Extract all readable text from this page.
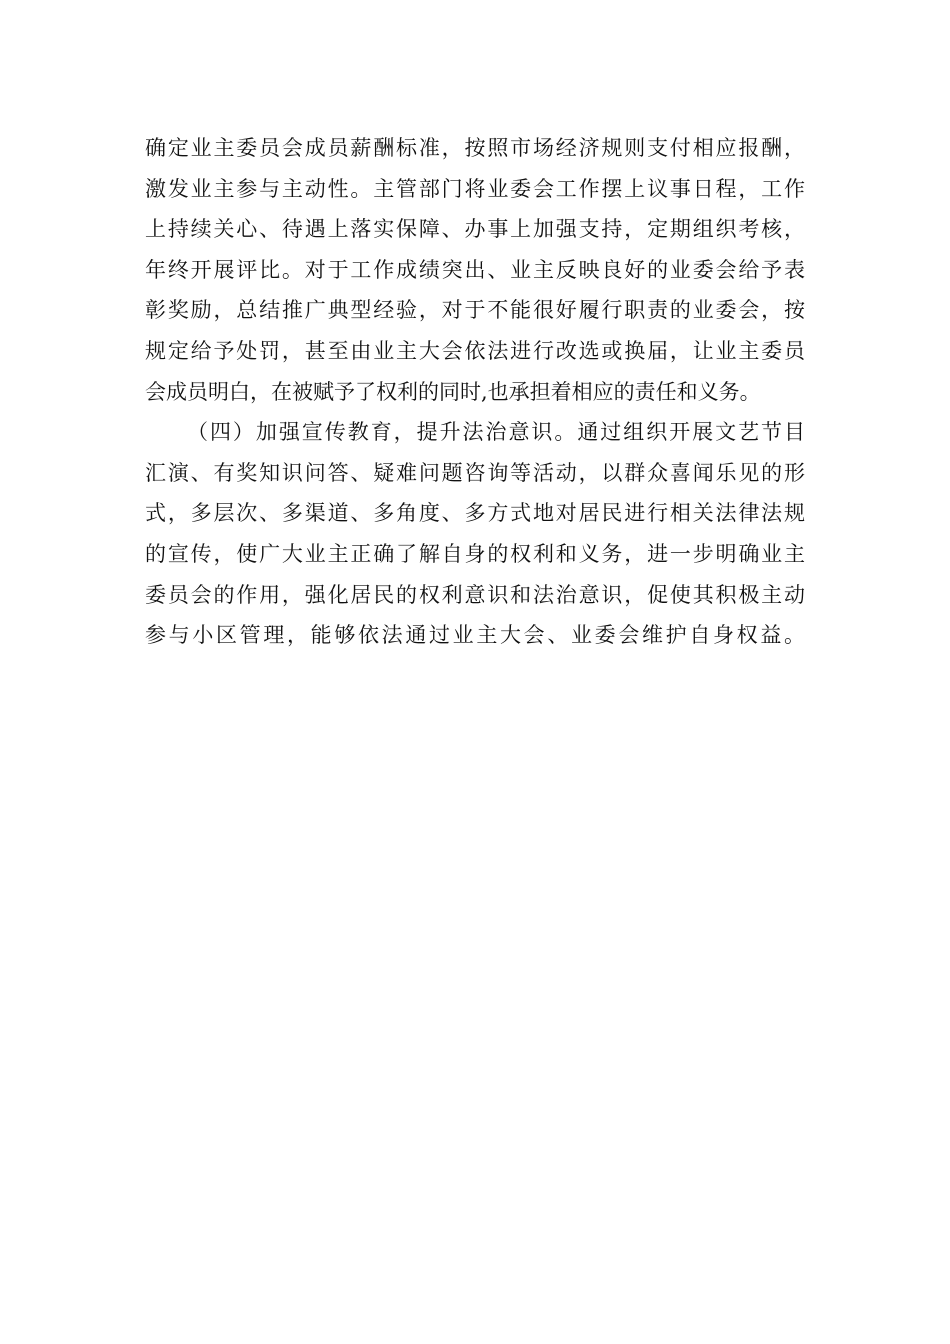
确定业主委员会成员薪酬标准，按照市场经济规则支付相应报酬，
激发业主参与主动性。主管部门将业委会工作摆上议事日程，工作
上持续关心、待遇上落实保障、办事上加强支持，定期组织考核，
年终开展评比。对于工作成绩突出、业主反映良好的业委会给予表
彰奖励，总结推广典型经验，对于不能很好履行职责的业委会，按
规定给予处罚，甚至由业主大会依法进行改选或换届，让业主委员
会成员明白，在被赋予了权利的同时,也承担着相应的责任和义务。
（四）加强宣传教育，提升法治意识。通过组织开展文艺节目
汇演、有奖知识问答、疑难问题咨询等活动，以群众喜闻乐见的形
式，多层次、多渠道、多角度、多方式地对居民进行相关法律法规
的宣传，使广大业主正确了解自身的权利和义务，进一步明确业主
委员会的作用，强化居民的权利意识和法治意识，促使其积极主动
参与小区管理，能够依法通过业主大会、业委会维护自身权益。
